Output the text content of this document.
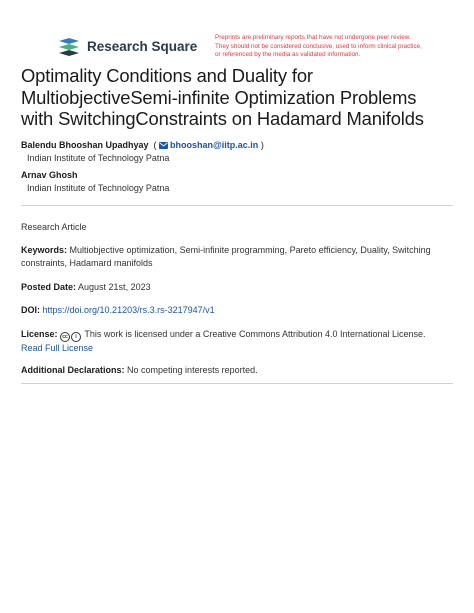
Research Square
Preprints are preliminary reports that have not undergone peer review.
They should not be considered conclusive, used to inform clinical practice,
or referenced by the media as validated information.
Optimality Conditions and Duality for
MultiobjectiveSemi-infinite Optimization Problems
with SwitchingConstraints on Hadamard Manifolds
Balendu Bhooshan Upadhyay ( bhooshan@iitp.ac.in )
Indian Institute of Technology Patna
Arnav Ghosh
Indian Institute of Technology Patna
Research Article
Keywords: Multiobjective optimization, Semi-infinite programming, Pareto efficiency, Duality, Switching
constraints, Hadamard manifolds
Posted Date: August 21st, 2023
DOI: https://doi.org/10.21203/rs.3.rs-3217947/v1
License: cc i This work is licensed under a Creative Commons Attribution 4.0 International License.
Read Full License
Additional Declarations: No competing interests reported.
